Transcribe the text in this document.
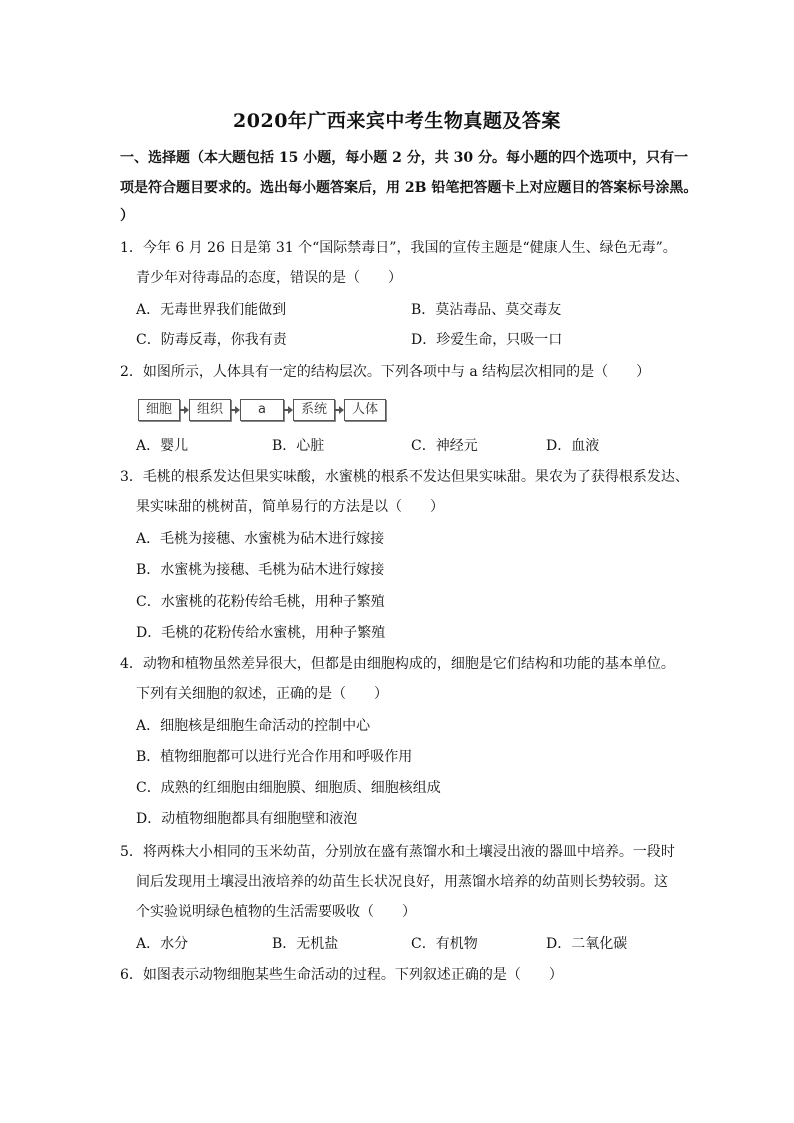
2020年广西来宾中考生物真题及答案
一、选择题（本大题包括 15 小题，每小题 2 分，共 30 分。每小题的四个选项中，只有一
项是符合题目要求的。选出每小题答案后，用 2B 铅笔把答题卡上对应题目的答案标号涂黑。
）
1．今年 6 月 26 日是第 31 个“国际禁毒日”，我国的宣传主题是“健康人生、绿色无毒”。
青少年对待毒品的态度，错误的是（　　）
A．无毒世界我们能做到	B．莫沾毒品、莫交毒友
C．防毒反毒，你我有责	D．珍爱生命，只吸一口
2．如图所示，人体具有一定的结构层次。下列各项中与 a 结构层次相同的是（　　）
细胞	组织	a	系统	人体
A．婴儿	B．心脏	C．神经元	D．血液
3．毛桃的根系发达但果实味酸，水蜜桃的根系不发达但果实味甜。果农为了获得根系发达、
果实味甜的桃树苗，简单易行的方法是以（　　）
A．毛桃为接穗、水蜜桃为砧木进行嫁接
B．水蜜桃为接穗、毛桃为砧木进行嫁接
C．水蜜桃的花粉传给毛桃，用种子繁殖
D．毛桃的花粉传给水蜜桃，用种子繁殖
4．动物和植物虽然差异很大，但都是由细胞构成的，细胞是它们结构和功能的基本单位。
下列有关细胞的叙述，正确的是（　　）
A．细胞核是细胞生命活动的控制中心
B．植物细胞都可以进行光合作用和呼吸作用
C．成熟的红细胞由细胞膜、细胞质、细胞核组成
D．动植物细胞都具有细胞壁和液泡
5．将两株大小相同的玉米幼苗，分别放在盛有蒸馏水和土壤浸出液的器皿中培养。一段时
间后发现用土壤浸出液培养的幼苗生长状况良好，用蒸馏水培养的幼苗则长势较弱。这
个实验说明绿色植物的生活需要吸收（　　）
A．水分	B．无机盐	C．有机物	D．二氧化碳
6．如图表示动物细胞某些生命活动的过程。下列叙述正确的是（　　）
